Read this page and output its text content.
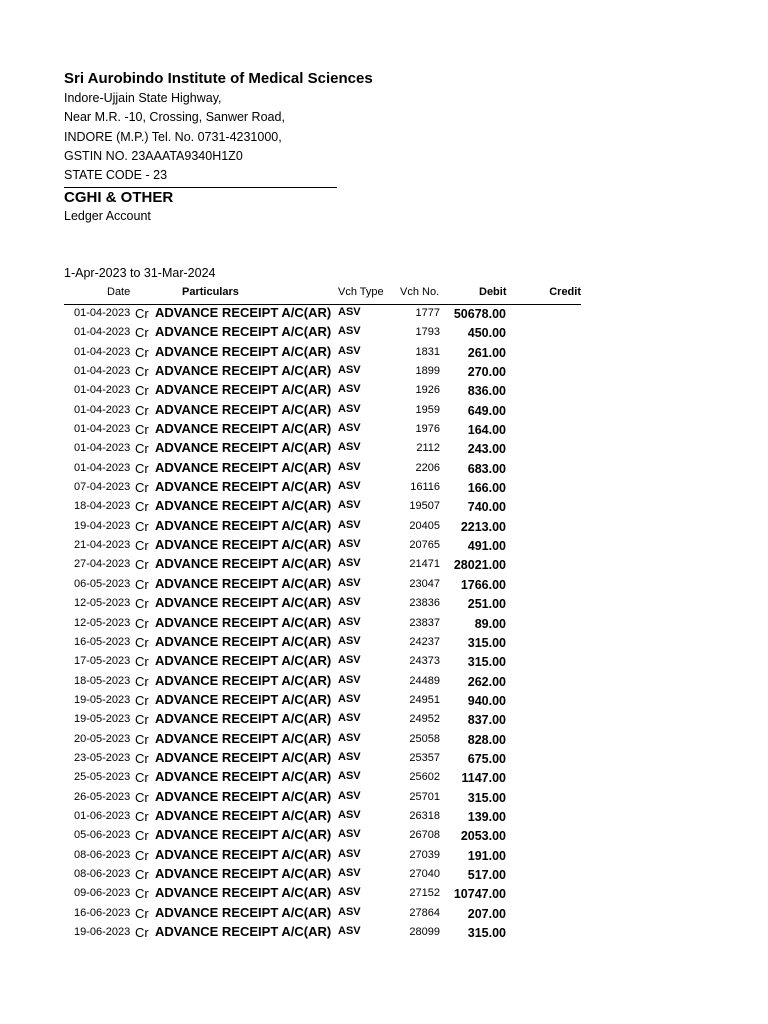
Sri Aurobindo Institute of Medical Sciences
Indore-Ujjain State Highway,
Near M.R. -10, Crossing, Sanwer Road,
INDORE (M.P.) Tel. No. 0731-4231000,
GSTIN NO. 23AAATA9340H1Z0
STATE CODE - 23
CGHI & OTHER
Ledger Account
1-Apr-2023 to 31-Mar-2024
Date	Particulars	Vch Type Vch No.	Debit	Credit
01-04-2023 Cr ADVANCE RECEIPT A/C(AR) ASV	1777 50678.00
01-04-2023 Cr ADVANCE RECEIPT A/C(AR) ASV	1793 450.00
01-04-2023 Cr ADVANCE RECEIPT A/C(AR) ASV	1831 261.00
01-04-2023 Cr ADVANCE RECEIPT A/C(AR) ASV	1899 270.00
01-04-2023 Cr ADVANCE RECEIPT A/C(AR) ASV	1926 836.00
01-04-2023 Cr ADVANCE RECEIPT A/C(AR) ASV	1959 649.00
01-04-2023 Cr ADVANCE RECEIPT A/C(AR) ASV	1976 164.00
01-04-2023 Cr ADVANCE RECEIPT A/C(AR) ASV	2112 243.00
01-04-2023 Cr ADVANCE RECEIPT A/C(AR) ASV	2206 683.00
07-04-2023 Cr ADVANCE RECEIPT A/C(AR) ASV	16116 166.00
18-04-2023 Cr ADVANCE RECEIPT A/C(AR) ASV	19507 740.00
19-04-2023 Cr ADVANCE RECEIPT A/C(AR) ASV	20405 2213.00
21-04-2023 Cr ADVANCE RECEIPT A/C(AR) ASV	20765 491.00
27-04-2023 Cr ADVANCE RECEIPT A/C(AR) ASV	21471 28021.00
06-05-2023 Cr ADVANCE RECEIPT A/C(AR) ASV	23047 1766.00
12-05-2023 Cr ADVANCE RECEIPT A/C(AR) ASV	23836 251.00
12-05-2023 Cr ADVANCE RECEIPT A/C(AR) ASV	23837	89.00
16-05-2023 Cr ADVANCE RECEIPT A/C(AR) ASV	24237 315.00
17-05-2023 Cr ADVANCE RECEIPT A/C(AR) ASV	24373 315.00
18-05-2023 Cr ADVANCE RECEIPT A/C(AR) ASV	24489 262.00
19-05-2023 Cr ADVANCE RECEIPT A/C(AR) ASV	24951 940.00
19-05-2023 Cr ADVANCE RECEIPT A/C(AR) ASV	24952 837.00
20-05-2023 Cr ADVANCE RECEIPT A/C(AR) ASV	25058 828.00
23-05-2023 Cr ADVANCE RECEIPT A/C(AR) ASV	25357 675.00
25-05-2023 Cr ADVANCE RECEIPT A/C(AR) ASV	25602 1147.00
26-05-2023 Cr ADVANCE RECEIPT A/C(AR) ASV	25701 315.00
01-06-2023 Cr ADVANCE RECEIPT A/C(AR) ASV	26318 139.00
05-06-2023 Cr ADVANCE RECEIPT A/C(AR) ASV	26708 2053.00
08-06-2023 Cr ADVANCE RECEIPT A/C(AR) ASV	27039 191.00
08-06-2023 Cr ADVANCE RECEIPT A/C(AR) ASV	27040 517.00
09-06-2023 Cr ADVANCE RECEIPT A/C(AR) ASV	27152 10747.00
16-06-2023 Cr ADVANCE RECEIPT A/C(AR) ASV	27864 207.00
19-06-2023 Cr ADVANCE RECEIPT A/C(AR) ASV	28099 315.00
